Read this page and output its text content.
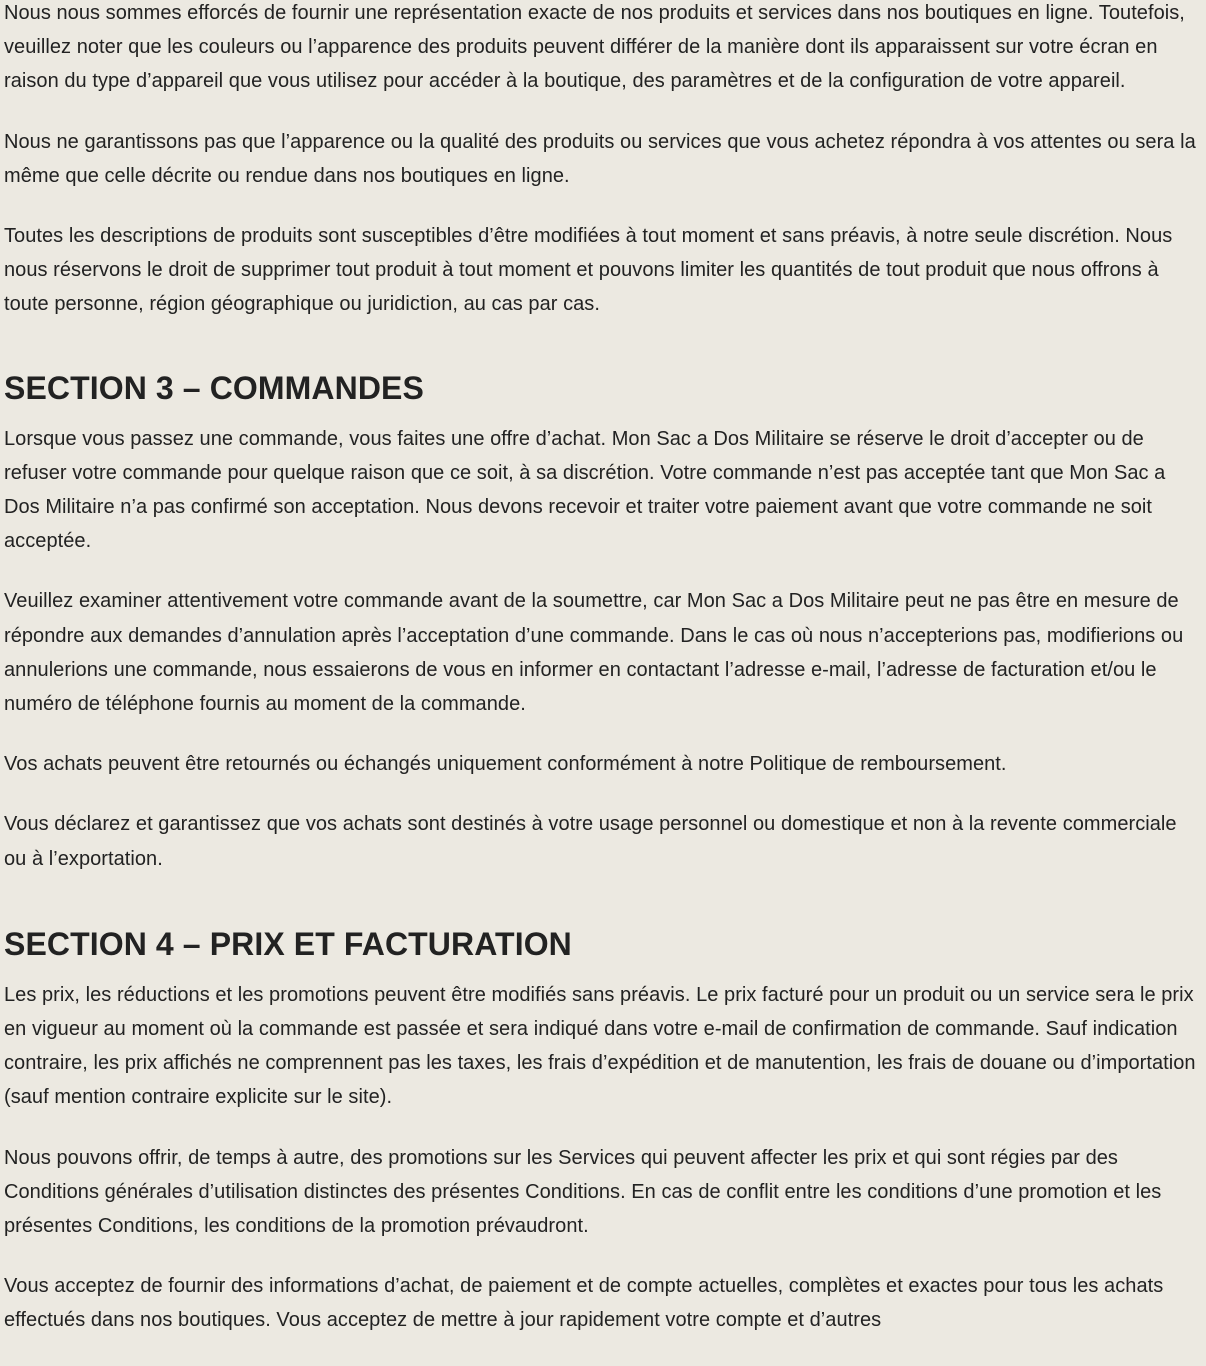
Nous nous sommes efforcés de fournir une représentation exacte de nos produits et services dans nos boutiques en ligne. Toutefois, veuillez noter que les couleurs ou l’apparence des produits peuvent différer de la manière dont ils apparaissent sur votre écran en raison du type d’appareil que vous utilisez pour accéder à la boutique, des paramètres et de la configuration de votre appareil.

Nous ne garantissons pas que l’apparence ou la qualité des produits ou services que vous achetez répondra à vos attentes ou sera la même que celle décrite ou rendue dans nos boutiques en ligne.

Toutes les descriptions de produits sont susceptibles d’être modifiées à tout moment et sans préavis, à notre seule discrétion. Nous nous réservons le droit de supprimer tout produit à tout moment et pouvons limiter les quantités de tout produit que nous offrons à toute personne, région géographique ou juridiction, au cas par cas.

SECTION 3 – COMMANDES

Lorsque vous passez une commande, vous faites une offre d’achat. Mon Sac a Dos Militaire se réserve le droit d’accepter ou de refuser votre commande pour quelque raison que ce soit, à sa discrétion. Votre commande n’est pas acceptée tant que Mon Sac a Dos Militaire n’a pas confirmé son acceptation. Nous devons recevoir et traiter votre paiement avant que votre commande ne soit acceptée.

Veuillez examiner attentivement votre commande avant de la soumettre, car Mon Sac a Dos Militaire peut ne pas être en mesure de répondre aux demandes d’annulation après l’acceptation d’une commande. Dans le cas où nous n’accepterions pas, modifierions ou annulerions une commande, nous essaierons de vous en informer en contactant l’adresse e-mail, l’adresse de facturation et/ou le numéro de téléphone fournis au moment de la commande.

Vos achats peuvent être retournés ou échangés uniquement conformément à notre Politique de remboursement.

Vous déclarez et garantissez que vos achats sont destinés à votre usage personnel ou domestique et non à la revente commerciale ou à l’exportation.

SECTION 4 – PRIX ET FACTURATION

Les prix, les réductions et les promotions peuvent être modifiés sans préavis. Le prix facturé pour un produit ou un service sera le prix en vigueur au moment où la commande est passée et sera indiqué dans votre e-mail de confirmation de commande. Sauf indication contraire, les prix affichés ne comprennent pas les taxes, les frais d’expédition et de manutention, les frais de douane ou d’importation (sauf mention contraire explicite sur le site).

Nous pouvons offrir, de temps à autre, des promotions sur les Services qui peuvent affecter les prix et qui sont régies par des Conditions générales d’utilisation distinctes des présentes Conditions. En cas de conflit entre les conditions d’une promotion et les présentes Conditions, les conditions de la promotion prévaudront.

Vous acceptez de fournir des informations d’achat, de paiement et de compte actuelles, complètes et exactes pour tous les achats effectués dans nos boutiques. Vous acceptez de mettre à jour rapidement votre compte et d’autres
